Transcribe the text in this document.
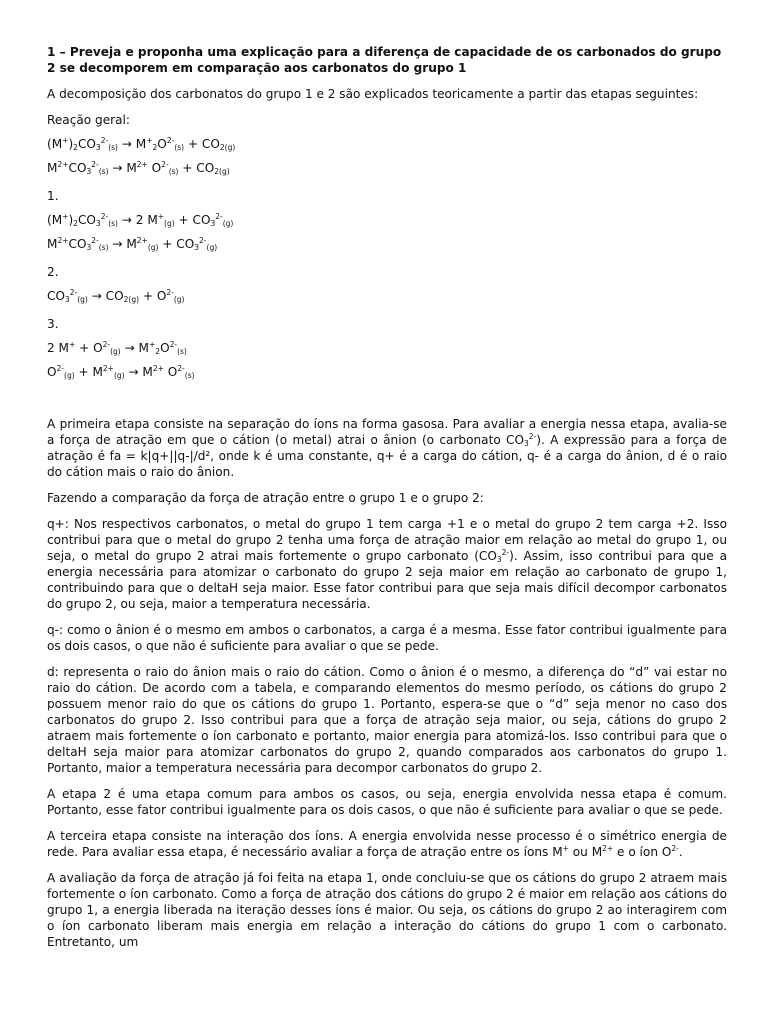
1 – Preveja e proponha uma explicação para a diferença de capacidade de os carbonados do grupo 2 se decomporem em comparação aos carbonatos do grupo 1

A decomposição dos carbonatos do grupo 1 e 2 são explicados teoricamente a partir das etapas seguintes:

Reação geral:

$(M^+)_2CO_3^{2-}_{(s)} \to M^+_2O^{2-}_{(s)} + CO_{2(g)}$

$M^{2+}CO_3^{2-}_{(s)} \to M^{2+}$ $O^{2-}_{(s)} + CO_{2(g)}$

1.

$(M^+)_2CO_3^{2-}_{(s)} \to 2$ $M^+_{(g)} + CO_3^{2-}_{(g)}$

$M^{2+}CO_3^{2-}_{(s)} \to M^{2+}_{(g)} + CO_3^{2-}_{(g)}$

2.

$CO_3^{2-}_{(g)} \to CO_{2(g)} + O^{2-}_{(g)}$

3.

2 $M^+ + O^{2-}_{(g)} \to M^+_2O^{2-}_{(s)}$

$O^{2-}_{(g)} + M^{2+}_{(g)} \to M^{2+}$ $O^{2-}_{(s)}$

A primeira etapa consiste na separação do íons na forma gasosa. Para avaliar a energia nessa etapa, avalia-se a força de atração em que o cátion (o metal) atrai o ânion (o carbonato $CO_3^{2-}$). A expressão para a força de atração é fa = k|q+||q-|/d², onde k é uma constante, q+ é a carga do cátion, q- é a carga do ânion, d é o raio do cátion mais o raio do ânion.

Fazendo a comparação da força de atração entre o grupo 1 e o grupo 2:

q+: Nos respectivos carbonatos, o metal do grupo 1 tem carga +1 e o metal do grupo 2 tem carga +2. Isso contribui para que o metal do grupo 2 tenha uma força de atração maior em relação ao metal do grupo 1, ou seja, o metal do grupo 2 atrai mais fortemente o grupo carbonato $(CO_3^{2-})$. Assim, isso contribui para que a energia necessária para atomizar o carbonato do grupo 2 seja maior em relação ao carbonato de grupo 1, contribuindo para que o deltaH seja maior. Esse fator contribui para que seja mais difícil decompor carbonatos do grupo 2, ou seja, maior a temperatura necessária.

q-: como o ânion é o mesmo em ambos o carbonatos, a carga é a mesma. Esse fator contribui igualmente para os dois casos, o que não é suficiente para avaliar o que se pede.

d: representa o raio do ânion mais o raio do cátion. Como o ânion é o mesmo, a diferença do “d” vai estar no raio do cátion. De acordo com a tabela, e comparando elementos do mesmo período, os cátions do grupo 2 possuem menor raio do que os cátions do grupo 1. Portanto, espera-se que o “d” seja menor no caso dos carbonatos do grupo 2. Isso contribui para que a força de atração seja maior, ou seja, cátions do grupo 2 atraem mais fortemente o íon carbonato e portanto, maior energia para atomizá-los. Isso contribui para que o deltaH seja maior para atomizar carbonatos do grupo 2, quando comparados aos carbonatos do grupo 1. Portanto, maior a temperatura necessária para decompor carbonatos do grupo 2.

A etapa 2 é uma etapa comum para ambos os casos, ou seja, energia envolvida nessa etapa é comum. Portanto, esse fator contribui igualmente para os dois casos, o que não é suficiente para avaliar o que se pede.

A terceira etapa consiste na interação dos íons. A energia envolvida nesse processo é o simétrico energia de rede. Para avaliar essa etapa, é necessário avaliar a força de atração entre os íons M+ ou $M^{2+}$ e o íon $O^{2-}$.

A avaliação da força de atração já foi feita na etapa 1, onde concluiu-se que os cátions do grupo 2 atraem mais fortemente o íon carbonato. Como a força de atração dos cátions do grupo 2 é maior em relação aos cátions do grupo 1, a energia liberada na iteração desses íons é maior. Ou seja, os cátions do grupo 2 ao interagirem com o íon carbonato liberam mais energia em relação a interação do cátions do grupo 1 com o carbonato. Entretanto, um
